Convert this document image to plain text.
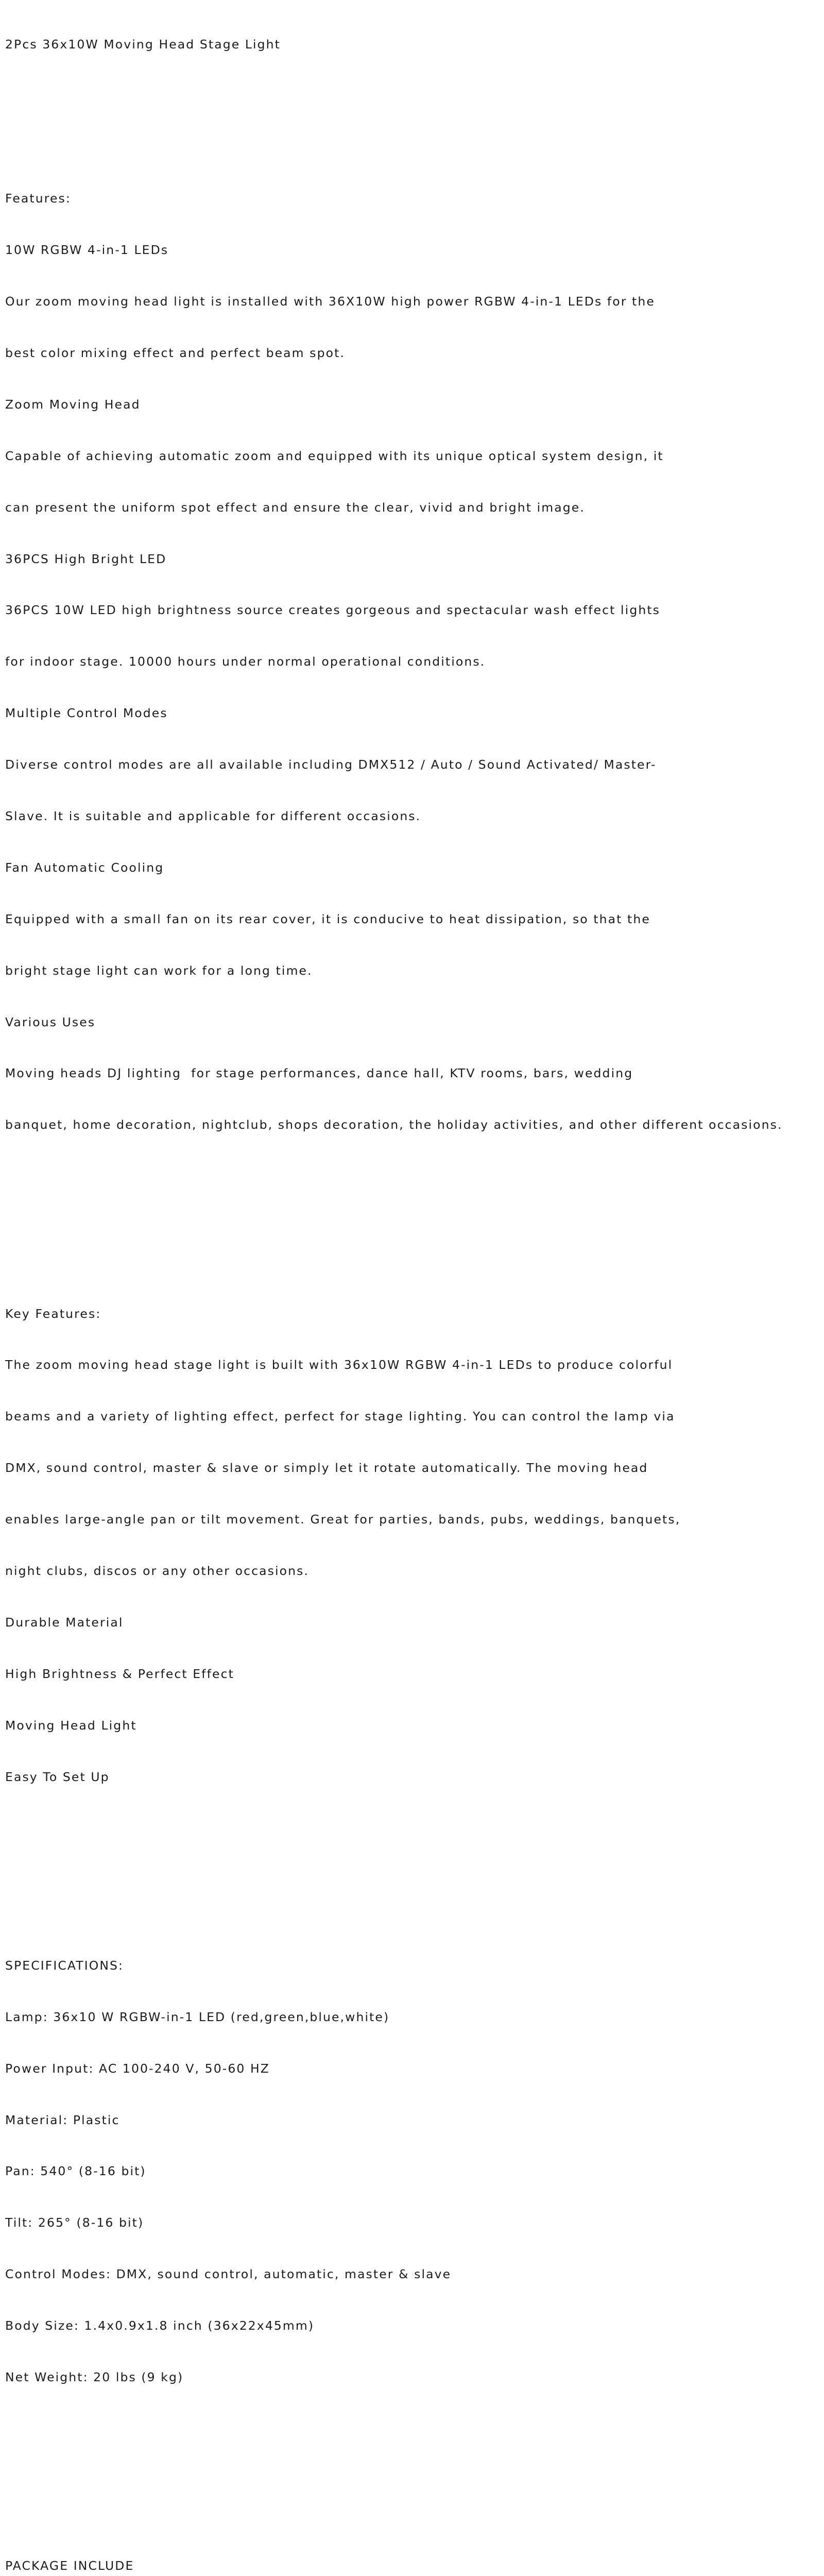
2Pcs 36x10W Moving Head Stage Light

Features:

10W RGBW 4-in-1 LEDs

Our zoom moving head light is installed with 36X10W high power RGBW 4-in-1 LEDs for the

best color mixing effect and perfect beam spot.

Zoom Moving Head

Capable of achieving automatic zoom and equipped with its unique optical system design, it

can present the uniform spot effect and ensure the clear, vivid and bright image.

36PCS High Bright LED

36PCS 10W LED high brightness source creates gorgeous and spectacular wash effect lights

for indoor stage. 10000 hours under normal operational conditions.

Multiple Control Modes

Diverse control modes are all available including DMX512 / Auto / Sound Activated/ Master-

Slave. It is suitable and applicable for different occasions.

Fan Automatic Cooling

Equipped with a small fan on its rear cover, it is conducive to heat dissipation, so that the

bright stage light can work for a long time.

Various Uses

Moving heads DJ lighting  for stage performances, dance hall, KTV rooms, bars, wedding

banquet, home decoration, nightclub, shops decoration, the holiday activities, and other different occasions.

Key Features:

The zoom moving head stage light is built with 36x10W RGBW 4-in-1 LEDs to produce colorful

beams and a variety of lighting effect, perfect for stage lighting. You can control the lamp via

DMX, sound control, master & slave or simply let it rotate automatically. The moving head

enables large-angle pan or tilt movement. Great for parties, bands, pubs, weddings, banquets,

night clubs, discos or any other occasions.

Durable Material

High Brightness & Perfect Effect

Moving Head Light

Easy To Set Up

SPECIFICATIONS:

Lamp: 36x10 W RGBW-in-1 LED (red,green,blue,white)

Power Input: AC 100-240 V, 50-60 HZ

Material: Plastic

Pan: 540° (8-16 bit)

Tilt: 265° (8-16 bit)

Control Modes: DMX, sound control, automatic, master & slave

Body Size: 1.4x0.9x1.8 inch (36x22x45mm)

Net Weight: 20 lbs (9 kg)

PACKAGE INCLUDE
